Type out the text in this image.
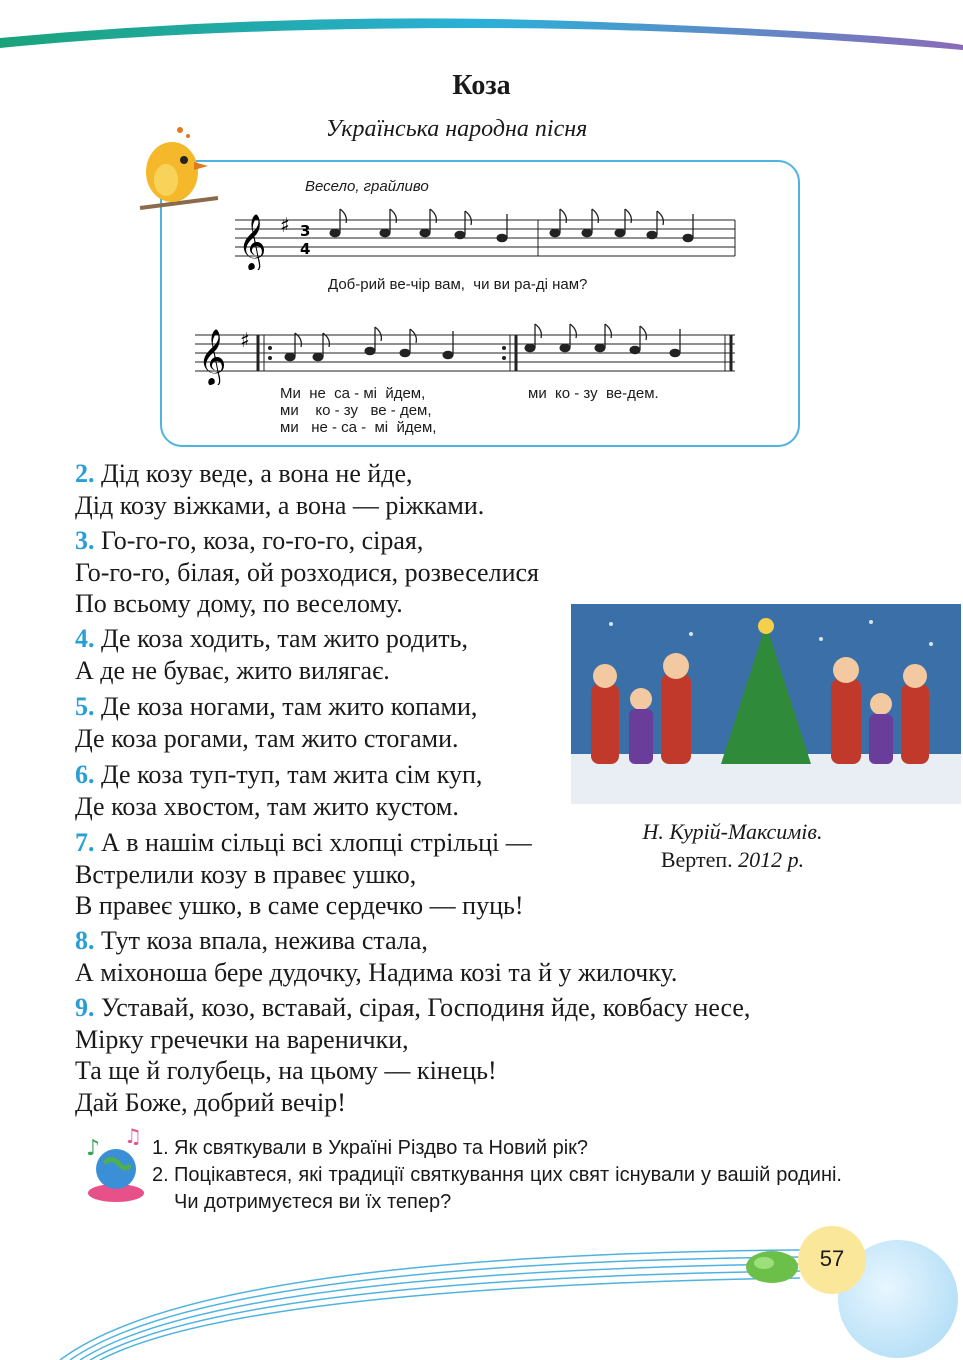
Коза
Українська народна пісня
Весело, грайливо
𝄞 ♯ 3
4
Доб-рий ве-чір вам,  чи ви ра-ді нам?
𝄞 ♯
Ми  не  са - мі  йдем,
ми    ко - зу   ве - дем,
ми   не - са -  мі  йдем,
ми  ко - зу  ве-дем.
2. Дід козу веде, а вона не йде,
Дід козу віжками, а вона — ріжками.
3. Го-го-го, коза, го-го-го, сірая,
Го-го-го, білая, ой розходися, розвеселися
По всьому дому, по веселому.
4. Де коза ходить, там жито родить,
А де не буває, жито вилягає.
5. Де коза ногами, там жито копами,
Де коза рогами, там жито стогами.
6. Де коза туп-туп, там жита сім куп,
Де коза хвостом, там жито кустом.
7. А в нашім сільці всі хлопці стрільці —
Встрелили козу в правеє ушко,
В правеє ушко, в саме сердечко — пуць!
8. Тут коза впала, нежива стала,
А міхоноша бере дудочку, Надима козі та й у жилочку.
9. Уставай, козо, вставай, сірая, Господиня йде, ковбасу несе,
Мірку гречечки на варенички,
Та ще й голубець, на цьому — кінець!
Дай Боже, добрий вечір!
Н. Курій-Максимів.
Вертеп. 2012 р.
♪ ♫ 1. Як святкували в Україні Різдво та Новий рік?
2. Поцікавтеся, які традиції святкування цих свят існували у вашій родині. Чи дотримуєтеся ви їх тепер?
57
